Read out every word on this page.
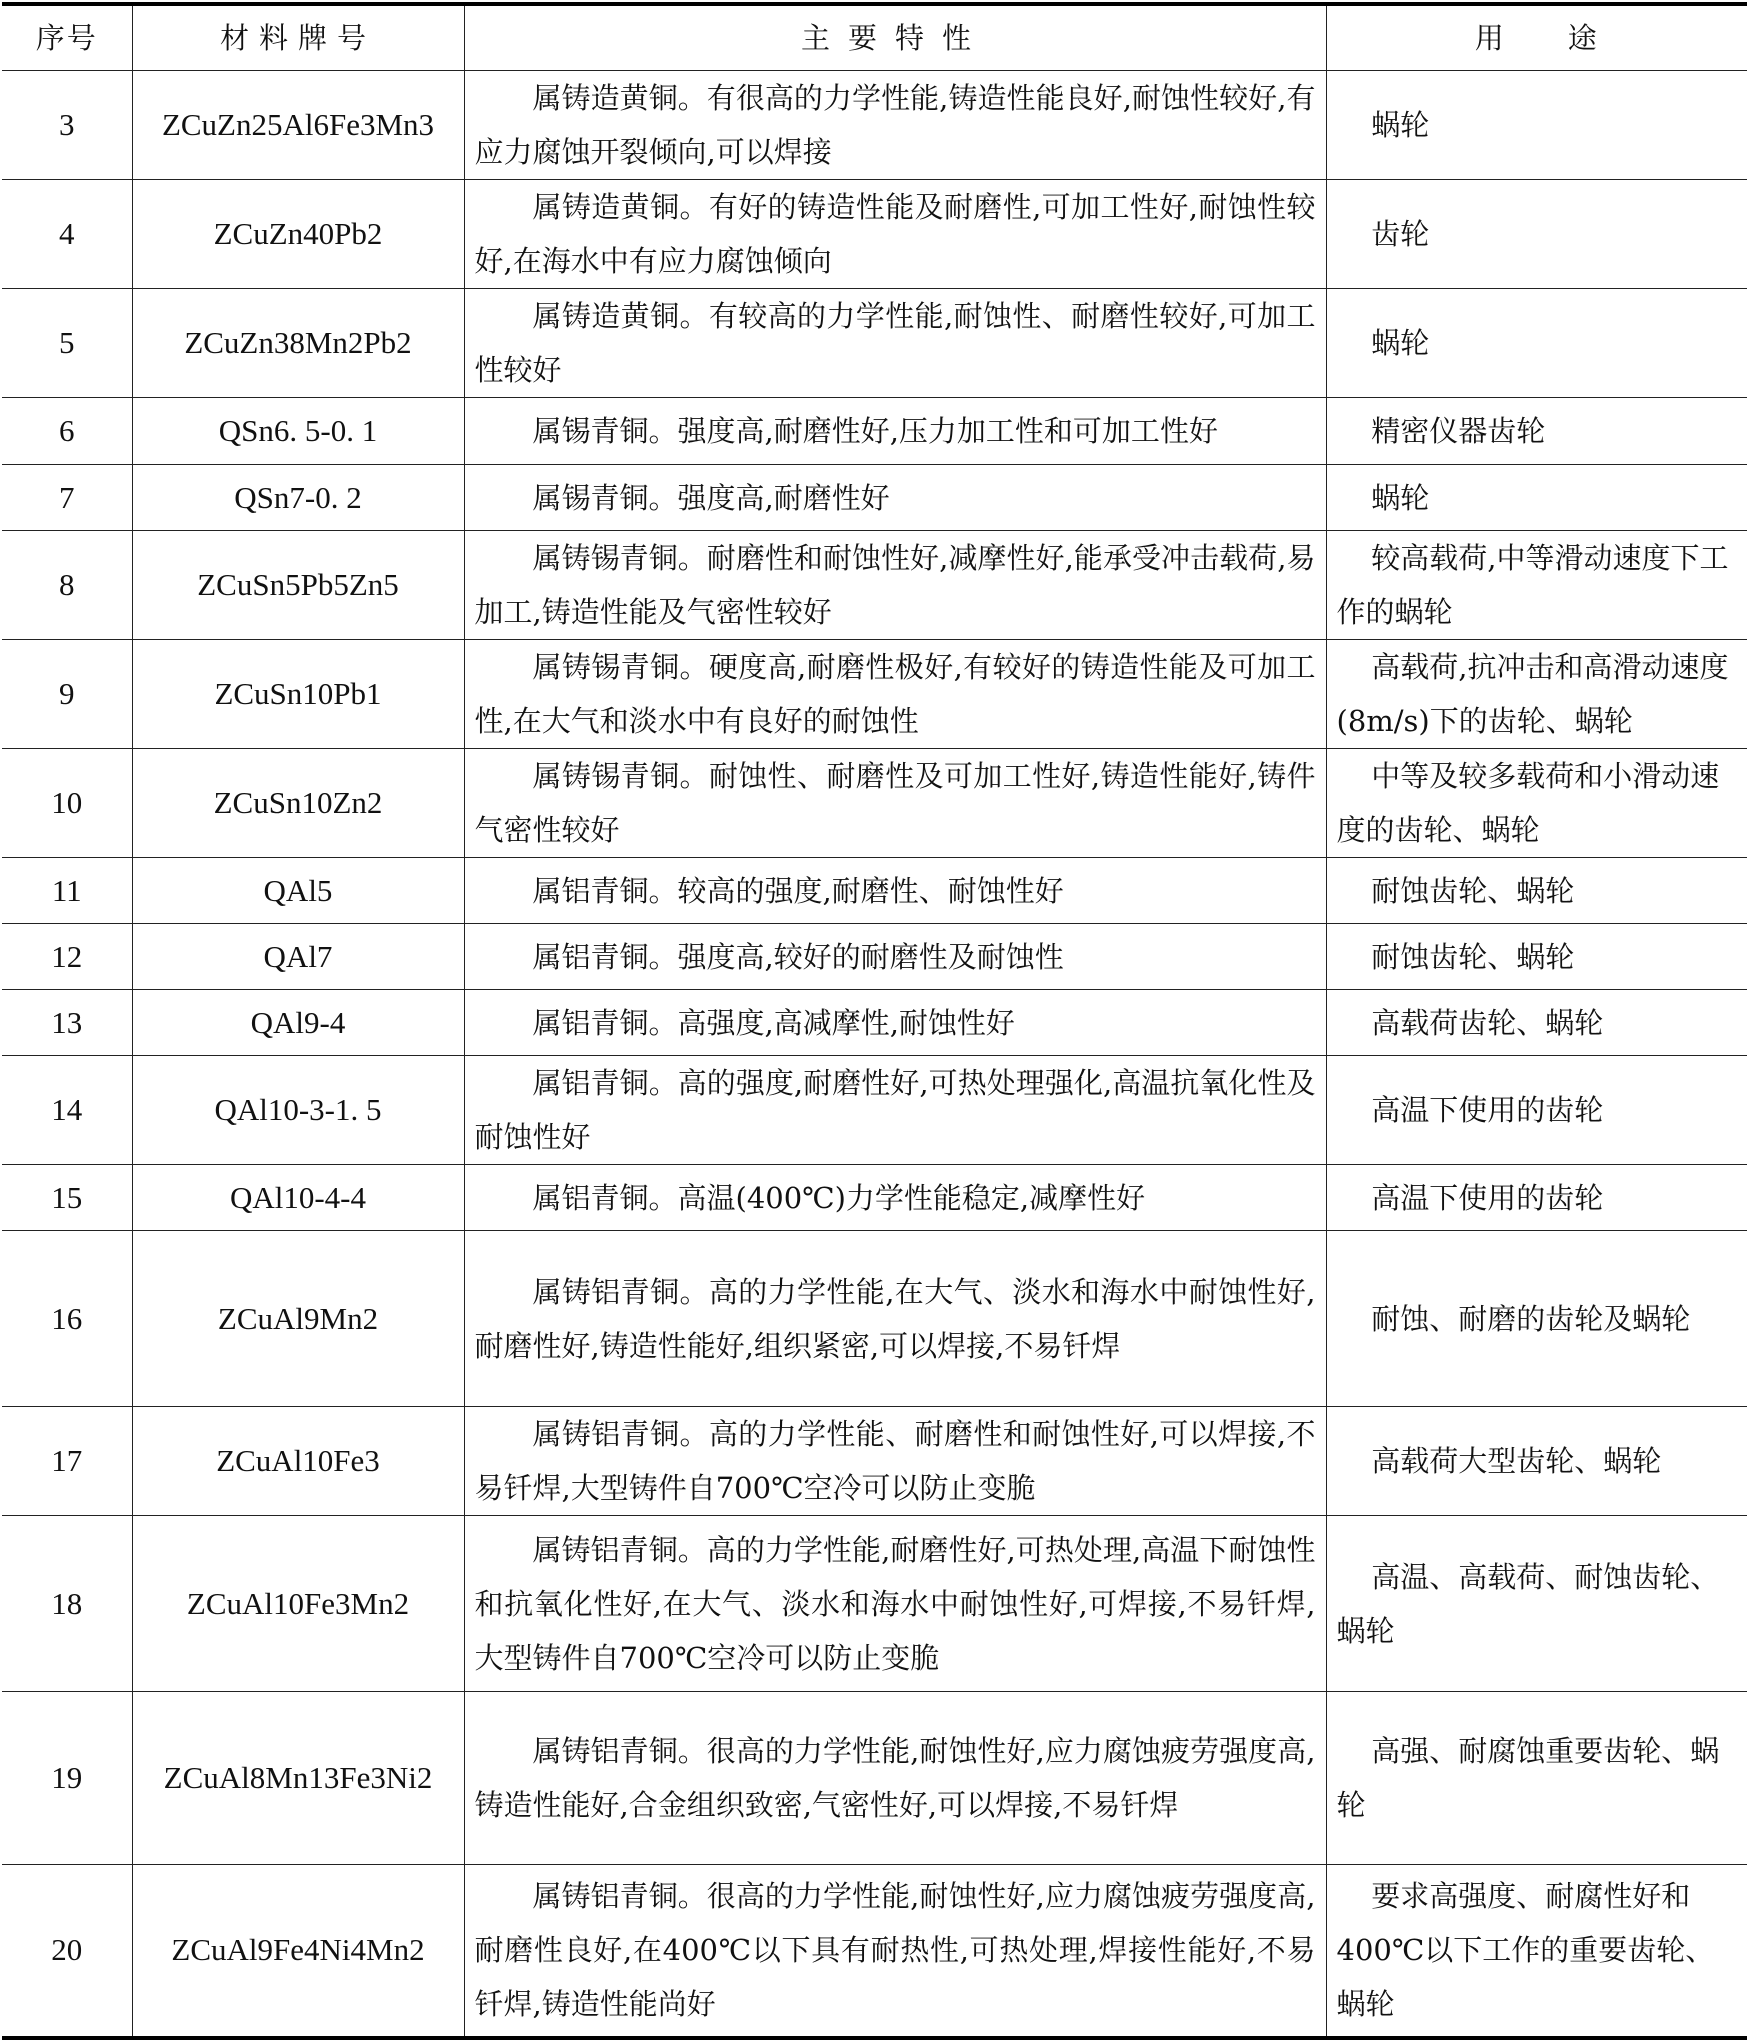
序号	材料牌号	主要特性	用　　途
3	ZCuZn25Al6Fe3Mn3	属铸造黄铜。有很高的力学性能,铸造性能良好,耐蚀性较好,有应力腐蚀开裂倾向,可以焊接	蜗轮
4	ZCuZn40Pb2	属铸造黄铜。有好的铸造性能及耐磨性,可加工性好,耐蚀性较好,在海水中有应力腐蚀倾向	齿轮
5	ZCuZn38Mn2Pb2	属铸造黄铜。有较高的力学性能,耐蚀性、耐磨性较好,可加工性较好	蜗轮
6	QSn6. 5-0. 1	属锡青铜。强度高,耐磨性好,压力加工性和可加工性好	精密仪器齿轮
7	QSn7-0. 2	属锡青铜。强度高,耐磨性好	蜗轮
8	ZCuSn5Pb5Zn5	属铸锡青铜。耐磨性和耐蚀性好,减摩性好,能承受冲击载荷,易加工,铸造性能及气密性较好	较高载荷,中等滑动速度下工作的蜗轮
9	ZCuSn10Pb1	属铸锡青铜。硬度高,耐磨性极好,有较好的铸造性能及可加工性,在大气和淡水中有良好的耐蚀性	高载荷,抗冲击和高滑动速度(8m/s)下的齿轮、蜗轮
10	ZCuSn10Zn2	属铸锡青铜。耐蚀性、耐磨性及可加工性好,铸造性能好,铸件气密性较好	中等及较多载荷和小滑动速度的齿轮、蜗轮
11	QAl5	属铝青铜。较高的强度,耐磨性、耐蚀性好	耐蚀齿轮、蜗轮
12	QAl7	属铝青铜。强度高,较好的耐磨性及耐蚀性	耐蚀齿轮、蜗轮
13	QAl9-4	属铝青铜。高强度,高减摩性,耐蚀性好	高载荷齿轮、蜗轮
14	QAl10-3-1. 5	属铝青铜。高的强度,耐磨性好,可热处理强化,高温抗氧化性及耐蚀性好	高温下使用的齿轮
15	QAl10-4-4	属铝青铜。高温(400℃)力学性能稳定,减摩性好	高温下使用的齿轮
16	ZCuAl9Mn2	属铸铝青铜。高的力学性能,在大气、淡水和海水中耐蚀性好,耐磨性好,铸造性能好,组织紧密,可以焊接,不易钎焊	耐蚀、耐磨的齿轮及蜗轮
17	ZCuAl10Fe3	属铸铝青铜。高的力学性能、耐磨性和耐蚀性好,可以焊接,不易钎焊,大型铸件自700℃空冷可以防止变脆	高载荷大型齿轮、蜗轮
18	ZCuAl10Fe3Mn2	属铸铝青铜。高的力学性能,耐磨性好,可热处理,高温下耐蚀性和抗氧化性好,在大气、淡水和海水中耐蚀性好,可焊接,不易钎焊,大型铸件自700℃空冷可以防止变脆	高温、高载荷、耐蚀齿轮、蜗轮
19	ZCuAl8Mn13Fe3Ni2	属铸铝青铜。很高的力学性能,耐蚀性好,应力腐蚀疲劳强度高,铸造性能好,合金组织致密,气密性好,可以焊接,不易钎焊	高强、耐腐蚀重要齿轮、蜗轮
20	ZCuAl9Fe4Ni4Mn2	属铸铝青铜。很高的力学性能,耐蚀性好,应力腐蚀疲劳强度高,耐磨性良好,在400℃以下具有耐热性,可热处理,焊接性能好,不易钎焊,铸造性能尚好	要求高强度、耐腐性好和400℃以下工作的重要齿轮、蜗轮
